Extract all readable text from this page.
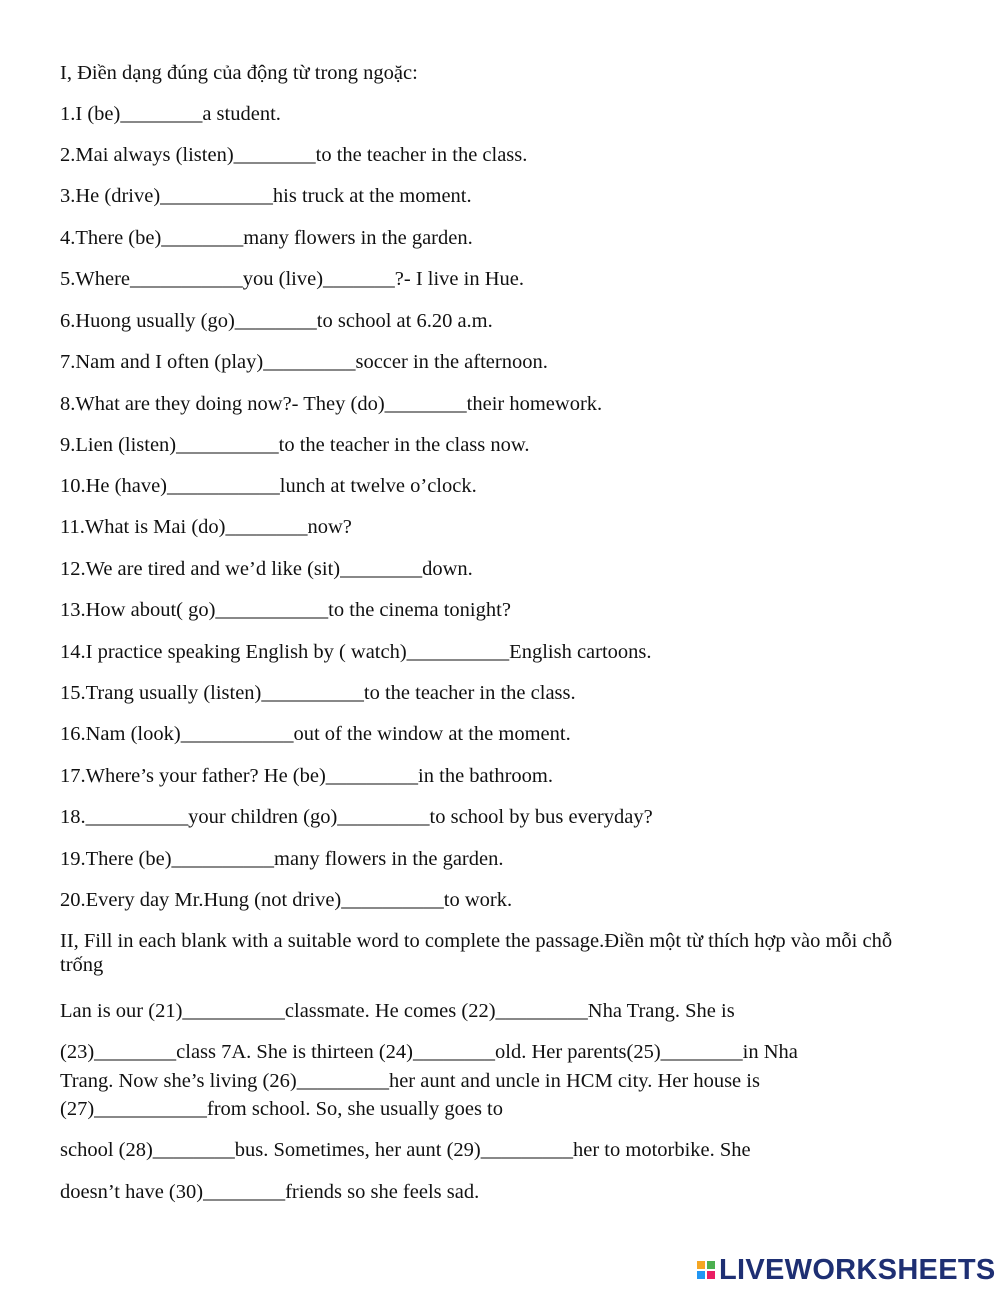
I, Điền dạng đúng của động từ trong ngoặc:

1.I (be)________a student.

2.Mai always (listen)________to the teacher in the class.

3.He (drive)___________his truck at the moment.

4.There (be)________many flowers in the garden.

5.Where___________you (live)_______?- I live in Hue.

6.Huong usually (go)________to school at 6.20 a.m.

7.Nam and I often (play)_________soccer in the afternoon.

8.What are they doing now?- They (do)________their homework.

9.Lien (listen)__________to the teacher in the class now.

10.He (have)___________lunch at twelve o’clock.

11.What is Mai (do)________now?

12.We are tired and we’d like (sit)________down.

13.How about( go)___________to the cinema tonight?

14.I practice speaking English by ( watch)__________English cartoons.

15.Trang usually (listen)__________to the teacher in the class.

16.Nam (look)___________out of the window at the moment.

17.Where’s your father? He (be)_________in the bathroom.

18.__________your children (go)_________to school by bus everyday?

19.There (be)__________many flowers in the garden.

20.Every day Mr.Hung (not drive)__________to work.

II, Fill in each blank with a suitable word to complete the passage.Điền một từ thích hợp vào mỗi chỗ trống

Lan is our (21)__________classmate. He comes (22)_________Nha Trang. She is

(23)________class 7A. She is thirteen (24)________old. Her parents(25)________in Nha

Trang. Now she’s living (26)_________her aunt and uncle in HCM city. Her house is

(27)___________from school. So, she usually goes to

school (28)________bus. Sometimes, her aunt (29)_________her to motorbike. She

doesn’t have (30)________friends so she feels sad.

LIVEWORKSHEETS
